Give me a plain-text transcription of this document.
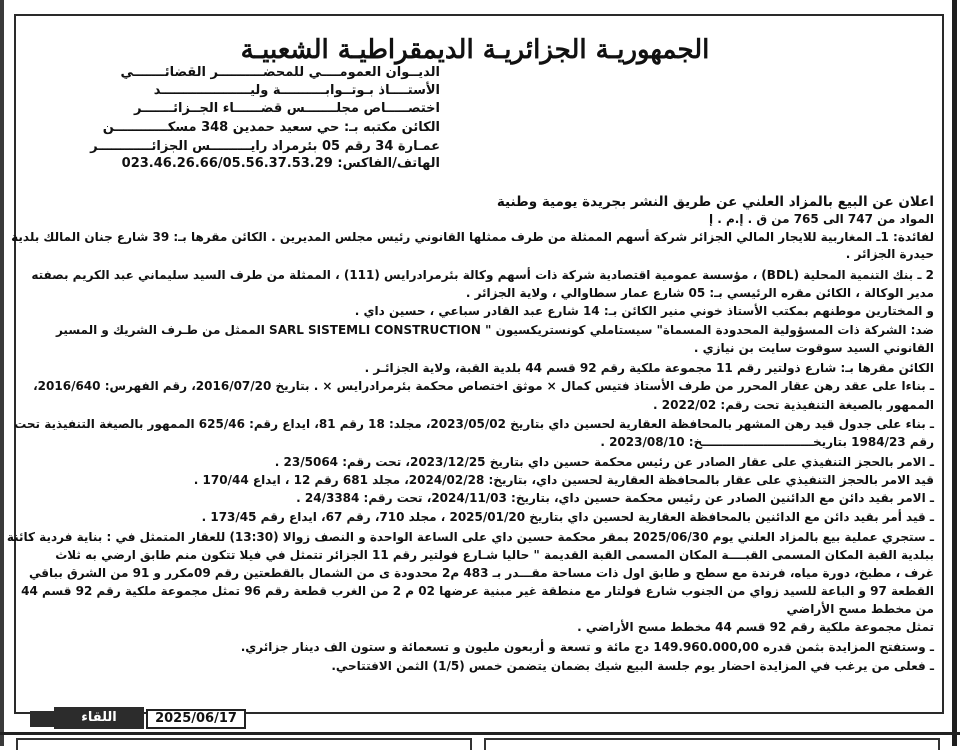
الجمهوريـة الجزائريـة الديمقراطيـة الشعبيـة
الديــوان العمومــــي للمحضــــــــــر القضائـــــــي
الأستــــاذ بـوتــوابــــــــــة وليــــــــــــــــــــد
اختصـــــاص مجلـــــــس قضــــــاء الجــزائـــــــر
الكائن مكتبه بـ: حي سعيد حمدين 348 مسكــــــــــــن
عمـارة 34 رقم 05 بئرمراد رايـــــــــس الجزائــــــــــــر
الهاتف/الفاكس: 023.46.26.66/05.56.37.53.29
اعلان عن البيع بالمزاد العلني عن طريق النشر بجريدة يومية وطنية
المواد من 747 الى 765 من ق . إ.م . إ
لفائدة: 1ـ المغاربية للايجار المالي الجزائر شركة أسهم الممثلة من طرف ممثلها القانوني رئيس مجلس المديرين . الكائن مقرها بـ: 39 شارع جنان المالك بلدية
حيدرة الجزائر .
2 ـ بنك التنمية المحلية (BDL) ، مؤسسة عمومية اقتصادية شركة ذات أسهم وكالة بئرمرادرايس (111) ، الممثلة من طرف السيد سليماني عبد الكريم بصفته
مدير الوكالة ، الكائن مقره الرئيسي بـ: 05 شارع عمار سطاوالي ، ولاية الجزائر .
و المختارين موطنهم بمكتب الأستاذ خوني منير الكائن بـ: 14 شارع عبد القادر سباعي ، حسين داي .
ضد: الشركة ذات المسؤولية المحدودة المسماة" سيستاملي كونستريكسيون " SARL SISTEMLI CONSTRUCTION الممثل من طـرف الشريك و المسير
القانوني السيد سوقوت سايت بن نيازي .
الكائن مقرها بـ: شارع ذولتير رقم 11 مجموعة ملكية رقم 92 قسم 44 بلدية القبة، ولاية الجزائـر .
ـ بناءا على عقد رهن عقار المحرر من طرف الأستاذ فتيس كمال × موثق اختصاص محكمة بئرمرادرايس × . بتاريخ 2016/07/20، رقم الفهرس: 2016/640،
الممهور بالصيغة التنفيذية تحت رقم: 2022/02 .
ـ بناء على جدول قيد رهن المشهر بالمحافظة العقارية لحسين داي بتاريخ 2023/05/02، مجلد: 18 رقم 81، ايداع رقم: 625/46 الممهور بالصيغة التنفيذية تحت
رقم 1984/23 بتاريخـــــــــــــــــــــــــــخ: 2023/08/10 .
ـ الامر بالحجز التنفيذي على عقار الصادر عن رئيس محكمة حسين داي بتاريخ 2023/12/25، تحت رقم: 23/5064 .
قيد الامر بالحجز التنفيذي على عقار بالمحافظة العقارية لحسين داي، بتاريخ: 2024/02/28، مجلد 681 رقم 12 ، ايداع 170/44 .
ـ الامر بقيد دائن مع الدائنين الصادر عن رئيس محكمة حسين داي، بتاريخ: 2024/11/03، تحت رقم: 24/3384 .
ـ قيد أمر بقيد دائن مع الدائنين بالمحافظة العقارية لحسين داي بتاريخ 2025/01/20 ، مجلد 710، رقم 67، ايداع رقم 173/45 .
ـ ستجري عملية بيع بالمزاد العلني يوم 2025/06/30 بمقر محكمة حسين داي على الساعة الواحدة و النصف زوالا (13:30) للعقار المتمثل في : بناية فردية كائنة
ببلدية القبة المكان المسمى القبــــة المكان المسمى القبة القديمة " حاليا شـارع فولتير رقم 11 الجزائر تتمثل في فيلا تتكون منم طابق ارضي به ثلاث
غرف ، مطبخ، دورة مياه، فرندة مع سطح و طابق اول ذات مساحة مقـــدر بـ 483 م2 محدودة ى من الشمال بالقطعتين رقم 09مكرر و 91 من الشرق بباقي
القطعة 97 و الباعة للسيد زواي من الجنوب شارع فولتار مع منطقة غير مبنية عرضها 02 م 2 من الغرب قطعة رقم 96 تمثل مجموعة ملكية رقم 92 قسم 44
من مخطط مسح الأراضي
تمثل مجموعة ملكية رقم 92 قسم 44 مخطط مسح الأراضي .
ـ وستفتح المزايدة بثمن قدره 149.960.000,00 دج مائة و تسعة و أربعون مليون و تسعمائة و ستون الف دينار جزائري.
ـ فعلى من يرغب في المزايدة احضار يوم جلسة البيع شيك بضمان يتضمن خمس (1/5) الثمن الافتتاحي.
اللقاء	2025/06/17
